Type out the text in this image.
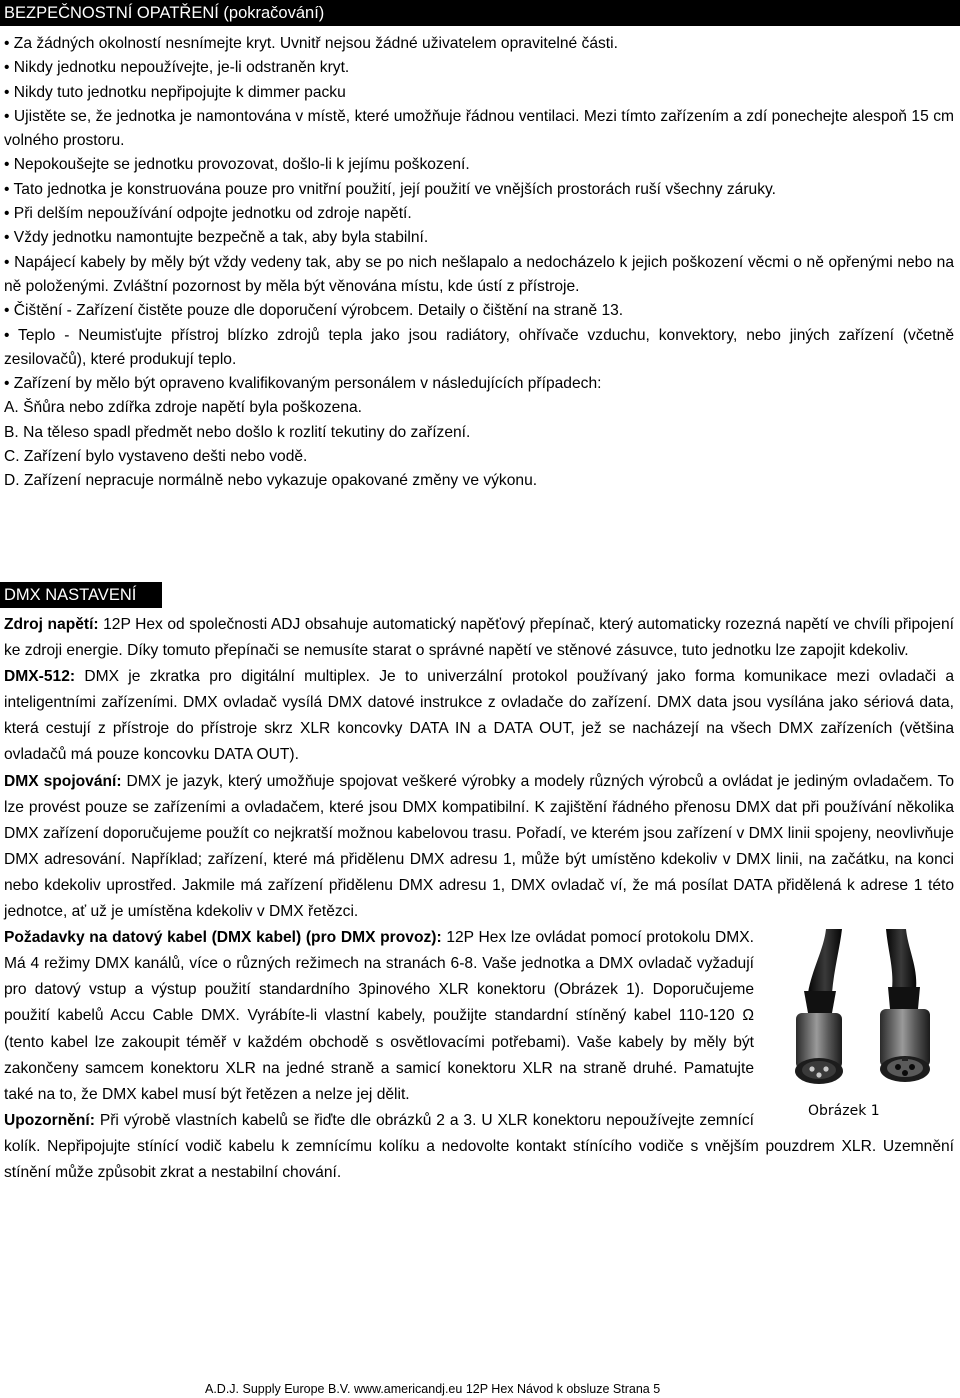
BEZPEČNOSTNÍ OPATŘENÍ (pokračování)

• Za žádných okolností nesnímejte kryt. Uvnitř nejsou žádné uživatelem opravitelné části.

• Nikdy jednotku nepoužívejte, je-li odstraněn kryt.

• Nikdy tuto jednotku nepřipojujte k dimmer packu

• Ujistěte se, že jednotka je namontována v místě, které umožňuje řádnou ventilaci. Mezi tímto zařízením a zdí ponechejte alespoň 15 cm volného prostoru.

• Nepokoušejte se jednotku provozovat, došlo-li k jejímu poškození.

• Tato jednotka je konstruována pouze pro vnitřní použití, její použití ve vnějších prostorách ruší všechny záruky.

• Při delším nepoužívání odpojte jednotku od zdroje napětí.

• Vždy jednotku namontujte bezpečně a tak, aby byla stabilní.

• Napájecí kabely by měly být vždy vedeny tak, aby se po nich nešlapalo a nedocházelo k jejich poškození věcmi o ně opřenými nebo na ně položenými. Zvláštní pozornost by měla být věnována místu, kde ústí z přístroje.

• Čištění - Zařízení čistěte pouze dle doporučení výrobcem. Detaily o čištění na straně 13.

• Teplo - Neumisťujte přístroj blízko zdrojů tepla jako jsou radiátory, ohřívače vzduchu, konvektory, nebo jiných zařízení (včetně zesilovačů), které produkují teplo.

• Zařízení by mělo být opraveno kvalifikovaným personálem v následujících případech:

A. Šňůra nebo zdířka zdroje napětí byla poškozena.

B. Na těleso spadl předmět nebo došlo k rozlití tekutiny do zařízení.

C. Zařízení bylo vystaveno dešti nebo vodě.

D. Zařízení nepracuje normálně nebo vykazuje opakované změny ve výkonu.

DMX NASTAVENÍ

Zdroj napětí: 12P Hex od společnosti ADJ obsahuje automatický napěťový přepínač, který automaticky rozezná napětí ve chvíli připojení ke zdroji energie. Díky tomuto přepínači se nemusíte starat o správné napětí ve stěnové zásuvce, tuto jednotku lze zapojit kdekoliv.

DMX-512: DMX je zkratka pro digitální multiplex. Je to univerzální protokol používaný jako forma komunikace mezi ovladači a inteligentními zařízeními. DMX ovladač vysílá DMX datové instrukce z ovladače do zařízení. DMX data jsou vysílána jako sériová data, která cestují z přístroje do přístroje skrz XLR koncovky DATA IN a DATA OUT, jež se nacházejí na všech DMX zařízeních (většina ovladačů má pouze koncovku DATA OUT).

DMX spojování: DMX je jazyk, který umožňuje spojovat veškeré výrobky a modely různých výrobců a ovládat je jediným ovladačem. To lze provést pouze se zařízeními a ovladačem, které jsou DMX kompatibilní. K zajištění řádného přenosu DMX dat při používání několika DMX zařízení doporučujeme použít co nejkratší možnou kabelovou trasu. Pořadí, ve kterém jsou zařízení v DMX linii spojeny, neovlivňuje DMX adresování. Například; zařízení, které má přidělenu DMX adresu 1, může být umístěno kdekoliv v DMX linii, na začátku, na konci nebo kdekoliv uprostřed. Jakmile má zařízení přidělenu DMX adresu 1, DMX ovladač ví, že má posílat DATA přidělená k adrese 1 této jednotce, ať už je umístěna kdekoliv v DMX řetězci.

Obrázek 1

Požadavky na datový kabel (DMX kabel) (pro DMX provoz): 12P Hex lze ovládat pomocí protokolu DMX. Má 4 režimy DMX kanálů, více o různých režimech na stranách 6-8. Vaše jednotka a DMX ovladač vyžadují pro datový vstup a výstup použití standardního 3pinového XLR konektoru (Obrázek 1). Doporučujeme použití kabelů Accu Cable DMX. Vyrábíte-li vlastní kabely, použijte standardní stíněný kabel 110-120 Ω (tento kabel lze zakoupit téměř v každém obchodě s osvětlovacími potřebami). Vaše kabely by měly být zakončeny samcem konektoru XLR na jedné straně a samicí konektoru XLR na straně druhé. Pamatujte také na to, že DMX kabel musí být řetězen a nelze jej dělit.

Upozornění: Při výrobě vlastních kabelů se řiďte dle obrázků 2 a 3. U XLR konektoru nepoužívejte zemnící kolík. Nepřipojujte stínící vodič kabelu k zemnícímu kolíku a nedovolte kontakt stínícího vodiče s vnějším pouzdrem XLR. Uzemnění stínění může způsobit zkrat a nestabilní chování.

A.D.J. Supply Europe B.V. www.americandj.eu 12P Hex Návod k obsluze Strana 5
